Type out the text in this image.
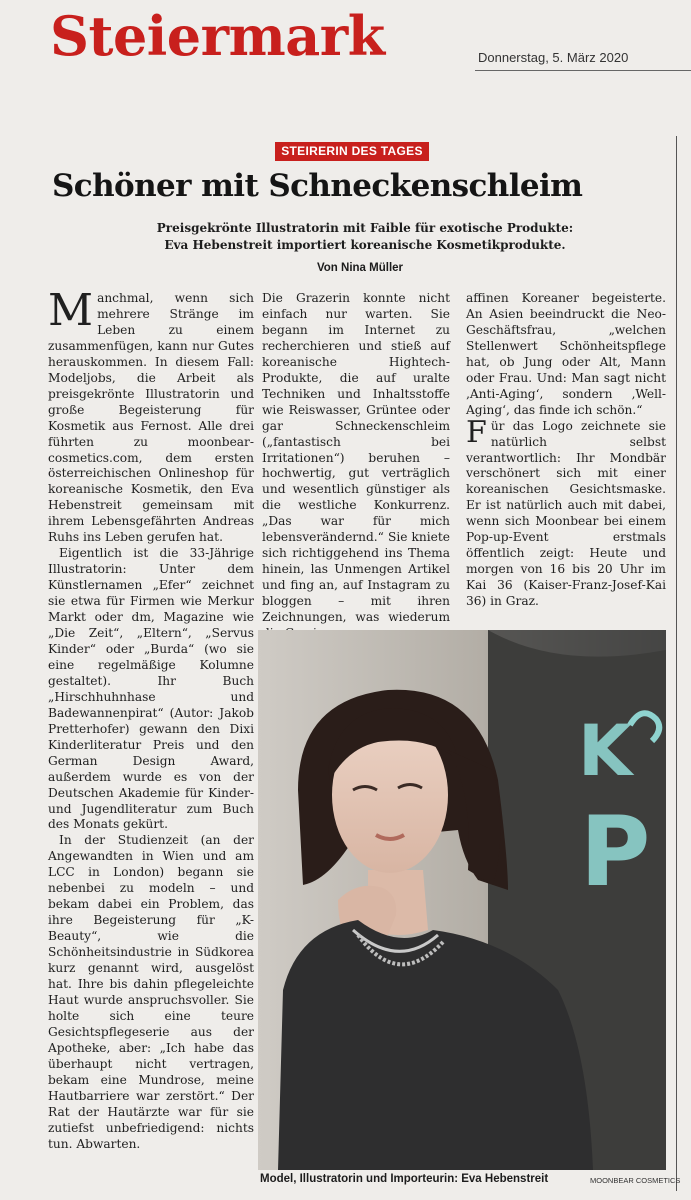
Steiermark	Donnerstag, 5. März 2020
STEIRERIN DES TAGES
Schöner mit Schneckenschleim

Preisgekrönte Illustratorin mit Faible für exotische Produkte:

Eva Hebenstreit importiert koreanische Kosmetikprodukte.

Von Nina Müller

Manchmal, wenn sich mehrere Stränge im Leben zu einem zusammenfügen, kann nur Gutes herauskommen. In diesem Fall: Modeljobs, die Arbeit als preisgekrönte Illustratorin und große Begeisterung für Kosmetik aus Fernost. Alle drei führten zu moonbear-cosmetics.com, dem ersten österreichischen Onlineshop für koreanische Kosmetik, den Eva Hebenstreit gemeinsam mit ihrem Lebensgefährten Andreas Ruhs ins Leben gerufen hat.

Eigentlich ist die 33-Jährige Illustratorin: Unter dem Künstlernamen „Efer“ zeichnet sie etwa für Firmen wie Merkur Markt oder dm, Magazine wie „Die Zeit“, „Eltern“, „Servus Kinder“ oder „Burda“ (wo sie eine regelmäßige Kolumne gestaltet). Ihr Buch „Hirschhuhnhase und Badewannenpirat“ (Autor: Jakob Pretterhofer) gewann den Dixi Kinderliteratur Preis und den German Design Award, außerdem wurde es von der Deutschen Akademie für Kinder- und Jugendliteratur zum Buch des Monats gekürt.

In der Studienzeit (an der Angewandten in Wien und am LCC in London) begann sie nebenbei zu modeln – und bekam dabei ein Problem, das ihre Begeisterung für „K-Beauty“, wie die Schönheitsindustrie in Südkorea kurz genannt wird, ausgelöst hat. Ihre bis dahin pflegeleichte Haut wurde anspruchsvoller. Sie holte sich eine teure Gesichtspflegeserie aus der Apotheke, aber: „Ich habe das überhaupt nicht vertragen, bekam eine Mundrose, meine Hautbarriere war zerstört.“ Der Rat der Hautärzte war für sie zutiefst unbefriedigend: nichts tun. Abwarten.

Die Grazerin konnte nicht einfach nur warten. Sie begann im Internet zu recherchieren und stieß auf koreanische Hightech-Produkte, die auf uralte Techniken und Inhaltsstoffe wie Reiswasser, Grüntee oder gar Schneckenschleim („fantastisch bei Irritationen“) beruhen – hochwertig, gut verträglich und wesentlich günstiger als die westliche Konkurrenz. „Das war für mich lebensverändernd.“ Sie kniete sich richtiggehend ins Thema hinein, las Unmengen Artikel und fing an, auf Instagram zu bloggen – mit ihren Zeichnungen, was wiederum

affinen Koreaner begeisterte. An Asien beeindruckt die Neo-Geschäftsfrau, „welchen Stellenwert Schönheitspflege hat, ob Jung oder Alt, Mann oder Frau. Und: Man sagt nicht ‚Anti-Aging‘, sondern ‚Well-Aging‘, das finde ich schön.“

Für das Logo zeichnete sie natürlich selbst verantwortlich: Ihr Mondbär verschönert sich mit einer koreanischen Gesichtsmaske. Er ist natürlich auch mit dabei, wenn sich Moonbear bei einem Pop-up-Event erstmals öffentlich zeigt: Heute und morgen von 16 bis 20 Uhr im Kai 36 (Kaiser-Franz-Josef-Kai 36) in Graz.

K
P
Model, Illustratorin und Importeurin: Eva Hebenstreit	MOONBEAR COSMETICS
